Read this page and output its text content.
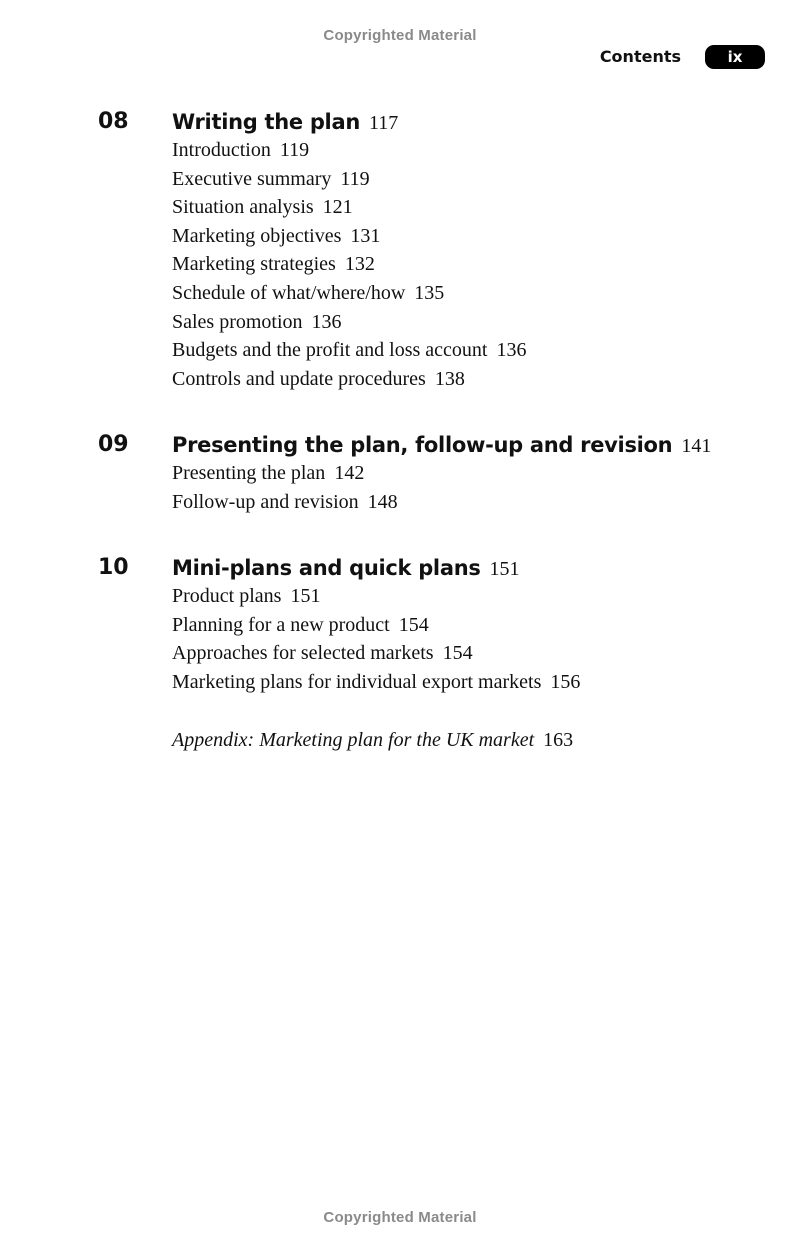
Copyrighted Material
Contents	ix
08 Writing the plan 117
Introduction 119
Executive summary 119
Situation analysis 121
Marketing objectives 131
Marketing strategies 132
Schedule of what/where/how 135
Sales promotion 136
Budgets and the profit and loss account 136
Controls and update procedures 138
09 Presenting the plan, follow-up and revision 141
Presenting the plan 142
Follow-up and revision 148
10 Mini-plans and quick plans 151
Product plans 151
Planning for a new product 154
Approaches for selected markets 154
Marketing plans for individual export markets 156
Appendix: Marketing plan for the UK market 163
Copyrighted Material
